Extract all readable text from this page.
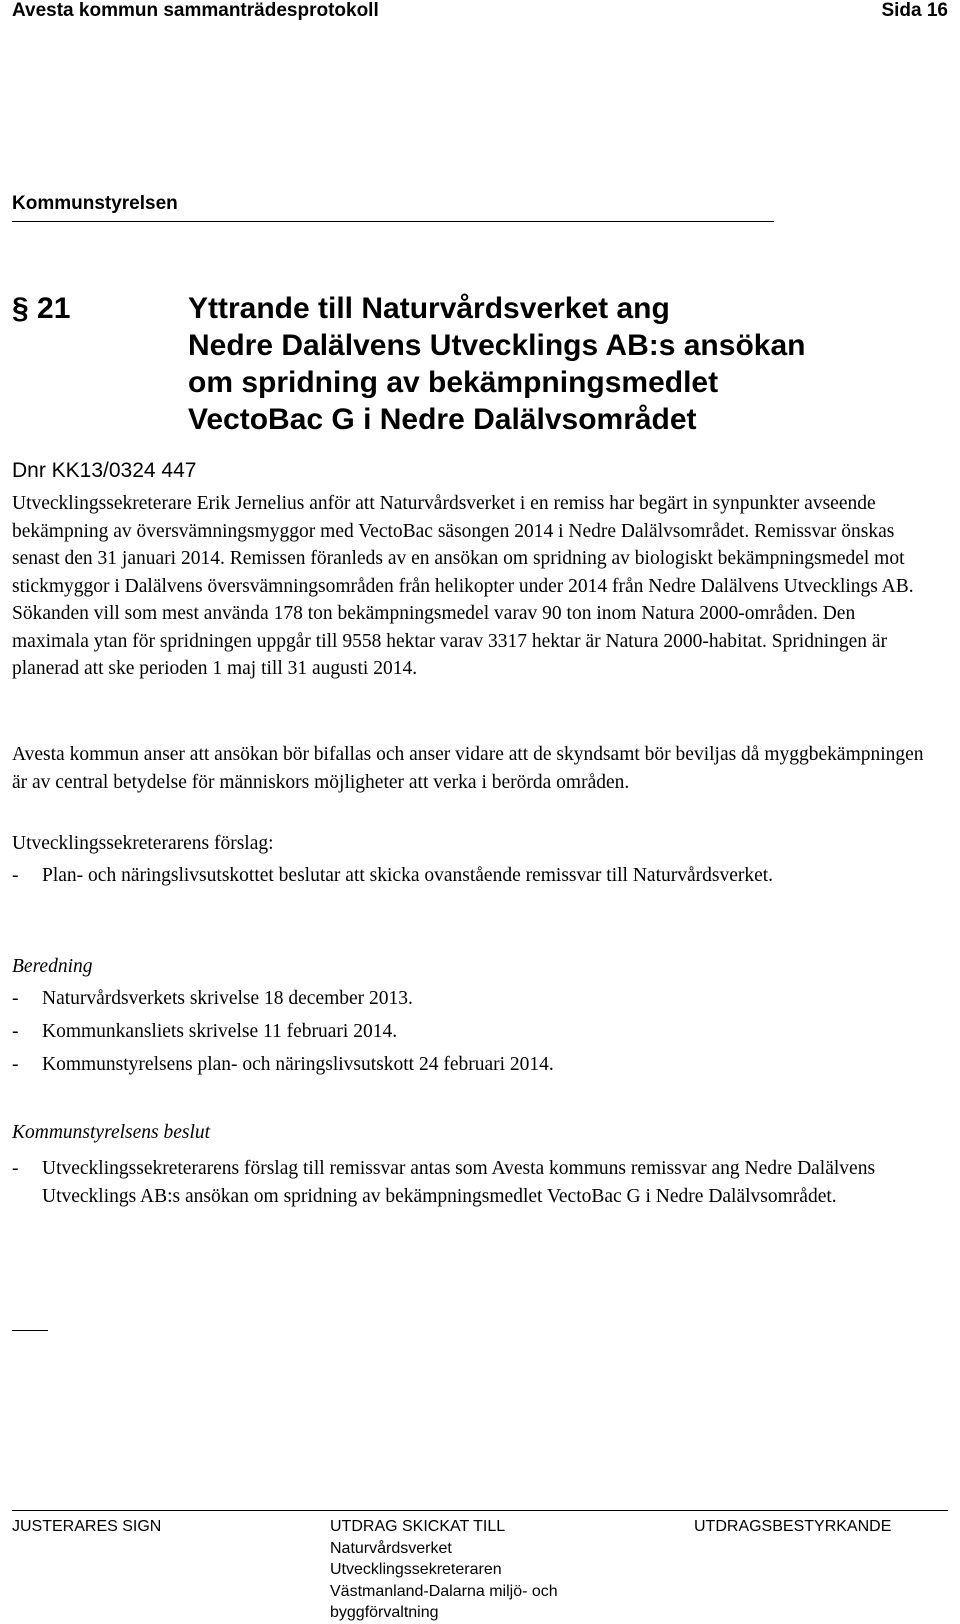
Avesta kommun sammanträdesprotokoll	Sida 16
Kommunstyrelsen
§ 21	Yttrande till Naturvårdsverket ang
Nedre Dalälvens Utvecklings AB:s ansökan
om spridning av bekämpningsmedlet
VectoBac G i Nedre Dalälvsområdet
Dnr KK13/0324 447
Utvecklingssekreterare Erik Jernelius anför att Naturvårdsverket i en remiss har begärt in synpunkter avseende bekämpning av översvämningsmyggor med VectoBac säsongen 2014 i Nedre Dalälvsområdet. Remissvar önskas senast den 31 januari 2014. Remissen föranleds av en ansökan om spridning av biologiskt bekämpningsmedel mot stickmyggor i Dalälvens översvämningsområden från helikopter under 2014 från Nedre Dalälvens Utvecklings AB. Sökanden vill som mest använda 178 ton bekämpningsmedel varav 90 ton inom Natura 2000-områden. Den maximala ytan för spridningen uppgår till 9558 hektar varav 3317 hektar är Natura 2000-habitat. Spridningen är planerad att ske perioden 1 maj till 31 augusti 2014.
Avesta kommun anser att ansökan bör bifallas och anser vidare att de skyndsamt bör beviljas då myggbekämpningen är av central betydelse för människors möjligheter att verka i berörda områden.
Utvecklingssekreterarens förslag:
-	Plan- och näringslivsutskottet beslutar att skicka ovanstående remissvar till Naturvårdsverket.
Beredning
-	Naturvårdsverkets skrivelse 18 december 2013.
-	Kommunkansliets skrivelse 11 februari 2014.
-	Kommunstyrelsens plan- och näringslivsutskott 24 februari 2014.
Kommunstyrelsens beslut
-	Utvecklingssekreterarens förslag till remissvar antas som Avesta kommuns remissvar ang Nedre Dalälvens Utvecklings AB:s ansökan om spridning av bekämpningsmedlet VectoBac G i Nedre Dalälvsområdet.
JUSTERARES SIGN	UTDRAG SKICKAT TILL
Naturvårdsverket
Utvecklingssekreteraren
Västmanland-Dalarna miljö- och
byggförvaltning
UTDRAGSBESTYRKANDE
